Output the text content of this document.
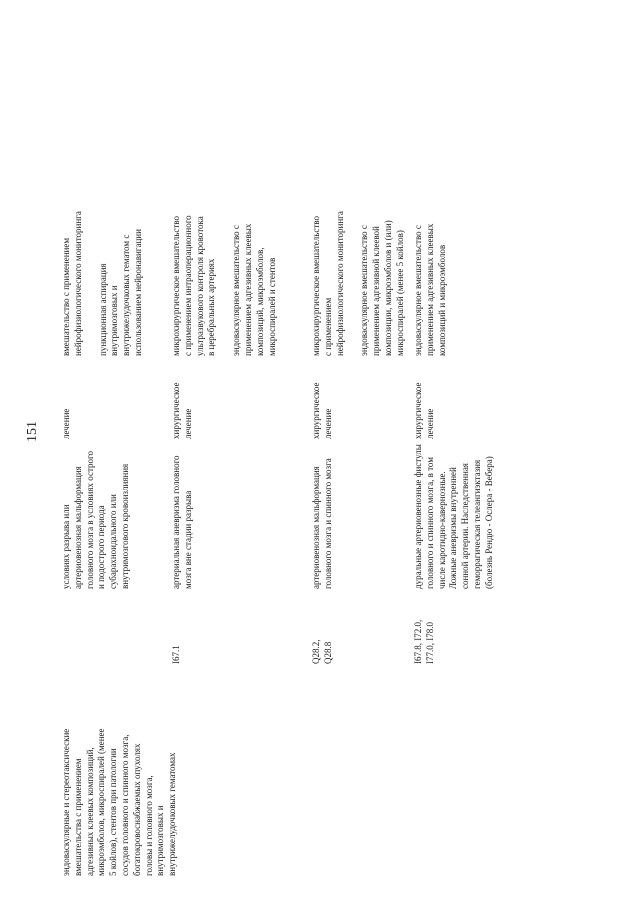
151

эндоваскулярные и стереотаксические вмешательства с применением адгезивных клеевых композиций, микроэмболов, микроспиралей (менее 5 койлов), стентов при патологии сосудов головного и спинного мозга, богатокровоснабжаемых опухолях головы и головного мозга, внутримозговых и внутрижелудочковых гематомах

условиях разрыва или артериовенозная мальформация головного мозга в условиях острого и подострого периода субарахноидального или внутримозгового кровоизлияния
лечение

вмешательство с применением нейрофизиологического мониторинга пункционная аспирация внутримозговых и внутрижелудочковых гематом с использованием нейронавигации

I67.1
артериальная аневризма головного мозга вне стадии разрыва
хирургическое лечение

микрохирургическое вмешательство с применением интраоперационного ультразвукового контроля кровотока в церебральных артериях эндоваскулярное вмешательство с применением адгезивных клеевых композиций, микроэмболов, микроспиралей и стентов

Q28.2, Q28.8
артериовенозная мальформация головного мозга и спинного мозга
хирургическое лечение

микрохирургическое вмешательство с применением нейрофизиологического мониторинга эндоваскулярное вмешательство с применением адгезивной клеевой композиции, микроэмболов и (или) микроспиралей (менее 5 койлов)

I67.8, I72.0, I77.0, I78.0
дуральные артериовенозные фистулы головного и спинного мозга, в том числе каротидно-кавернозные. Ложные аневризмы внутренней сонной артерии. Наследственная геморрагическая телеангиэктазия (болезнь Рендю - Ослера - Вебера)
хирургическое лечение

эндоваскулярное вмешательство с применением адгезивных клеевых композиций и микроэмболов
